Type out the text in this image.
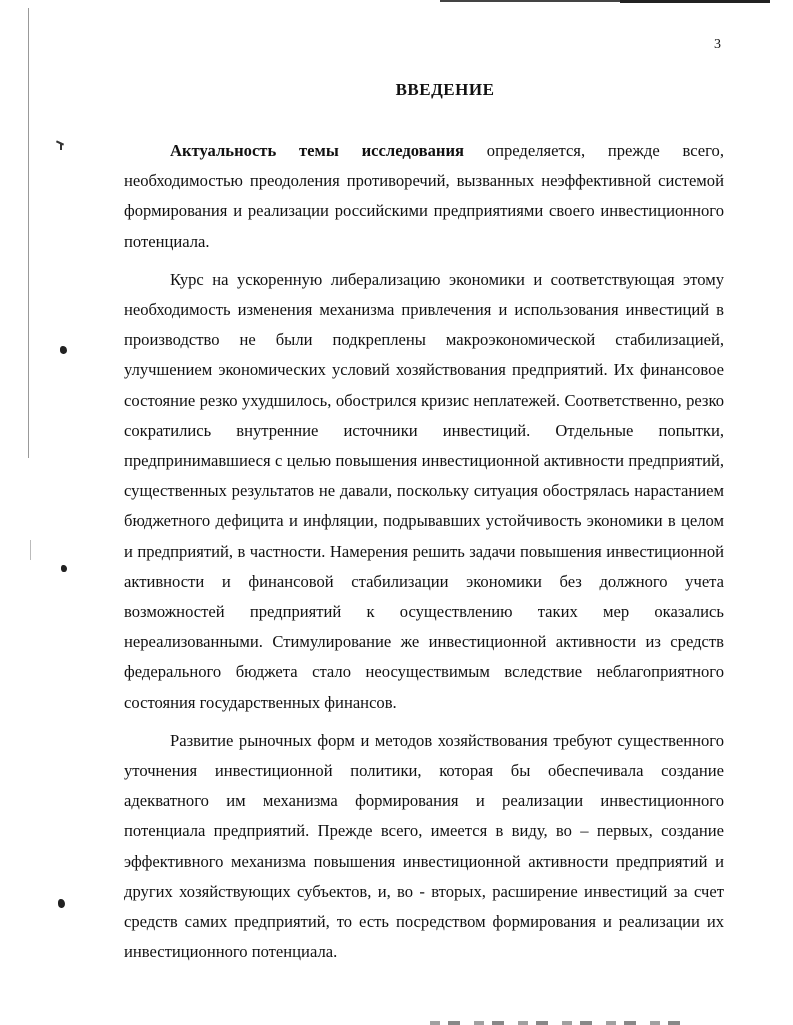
3
ВВЕДЕНИЕ

Актуальность темы исследования определяется, прежде всего, необходимостью преодоления противоречий, вызванных неэффективной системой формирования и реализации российскими предприятиями своего инвестиционного потенциала.

Курс на ускоренную либерализацию экономики и соответствующая этому необходимость изменения механизма привлечения и использования инвестиций в производство не были подкреплены макроэкономической стабилизацией, улучшением экономических условий хозяйствования предприятий. Их финансовое состояние резко ухудшилось, обострился кризис неплатежей. Соответственно, резко сократились внутренние источники инвестиций. Отдельные попытки, предпринимавшиеся с целью повышения инвестиционной активности предприятий, существенных результатов не давали, поскольку ситуация обострялась нарастанием бюджетного дефицита и инфляции, подрывавших устойчивость экономики в целом и предприятий, в частности. Намерения решить задачи повышения инвестиционной активности и финансовой стабилизации экономики без должного учета возможностей предприятий к осуществлению таких мер оказались нереализованными. Стимулирование же инвестиционной активности из средств федерального бюджета стало неосуществимым вследствие неблагоприятного состояния государственных финансов.

Развитие рыночных форм и методов хозяйствования требуют существенного уточнения инвестиционной политики, которая бы обеспечивала создание адекватного им механизма формирования и реализации инвестиционного потенциала предприятий. Прежде всего, имеется в виду, во – первых, создание эффективного механизма повышения инвестиционной активности предприятий и других хозяйствующих субъектов, и, во - вторых, расширение инвестиций за счет средств самих предприятий, то есть посредством формирования и реализации их инвестиционного потенциала.
